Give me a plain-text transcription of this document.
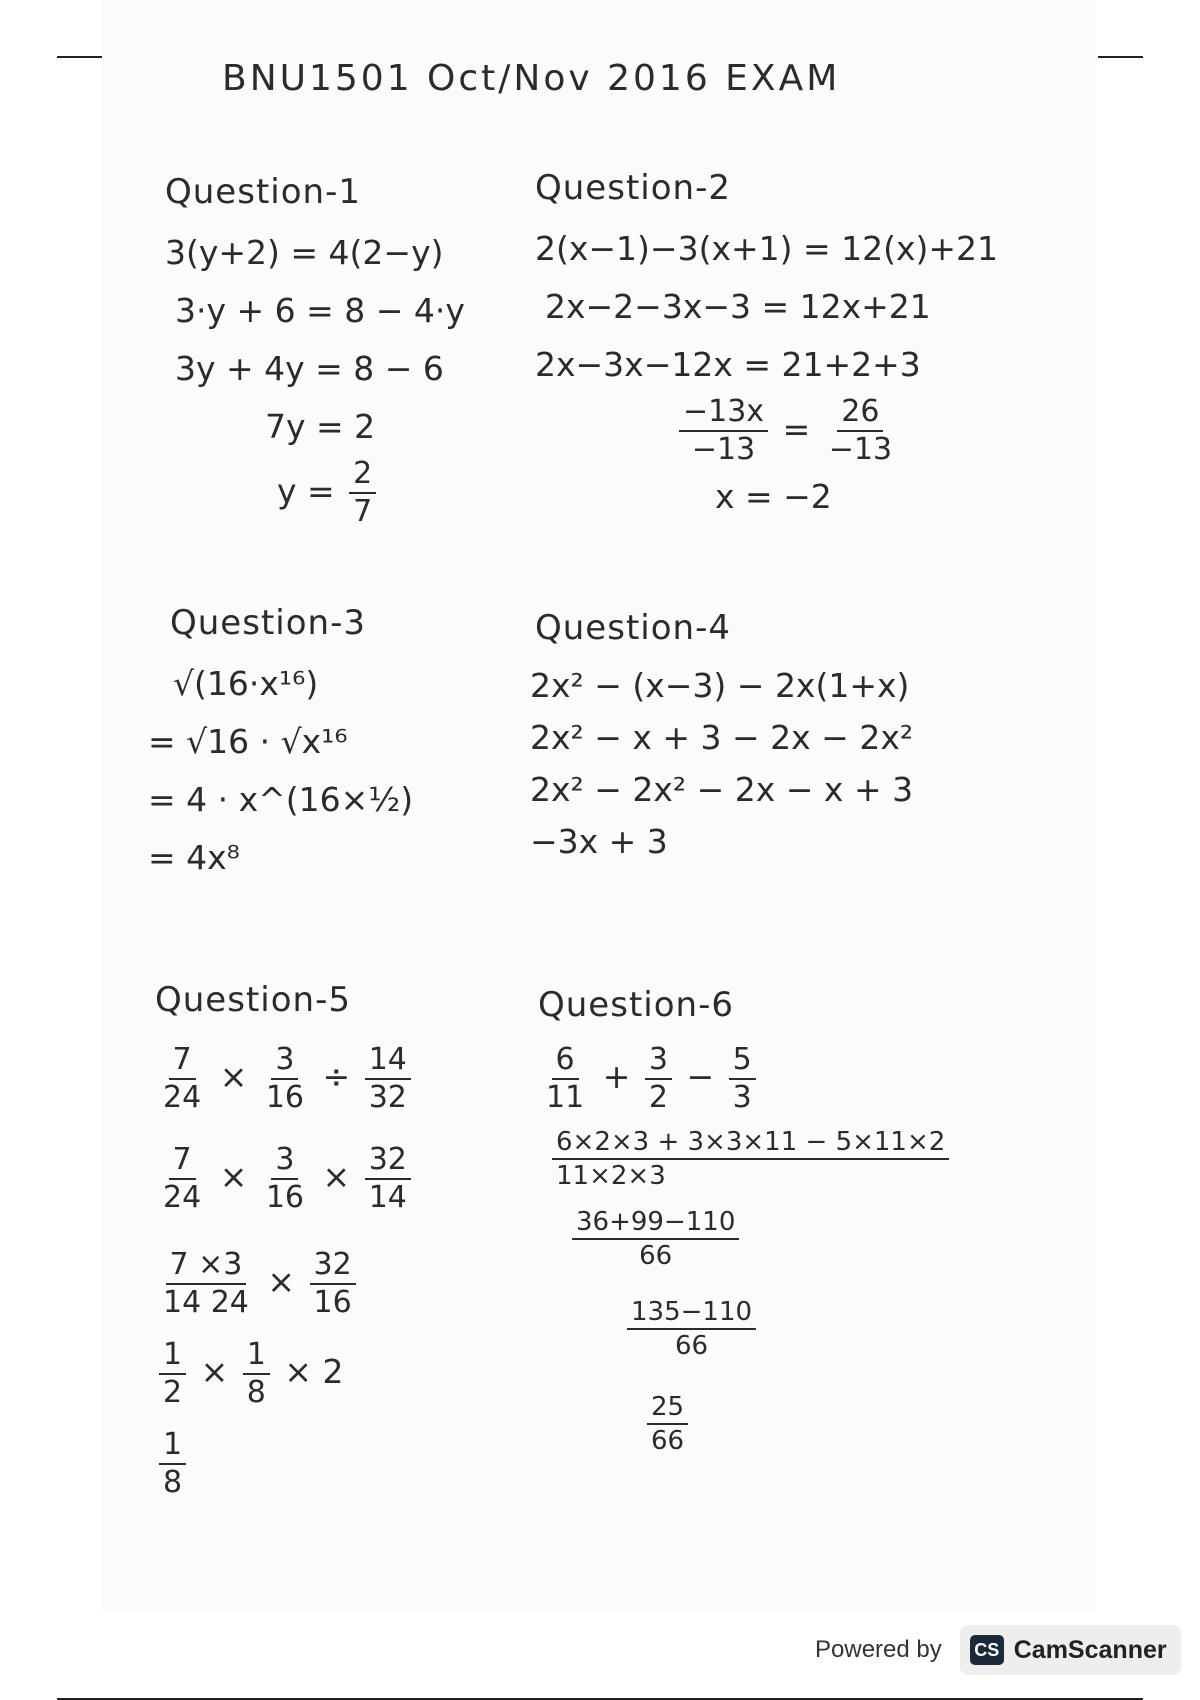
BNU1501 Oct/Nov 2016 EXAM
Question-1
3(y+2) = 4(2−y)
3·y + 6 = 8 − 4·y
3y + 4y = 8 − 6
7y = 2
$y = \frac{2}{7}$
Question-2
2(x−1)−3(x+1) = 12(x)+21
2x−2−3x−3 = 12x+21
2x−3x−12x = 21+2+3
$\frac{-13x}{-13} = \frac{26}{-13}$
x = −2
Question-3
√(16·x¹⁶)
= √16 · √x¹⁶
= 4 · x^(16×½)
= 4x⁸
Question-4
2x² − (x−3) − 2x(1+x)
2x² − x + 3 − 2x − 2x²
2x² − 2x² − 2x − x + 3
−3x + 3
Question-5
$\frac{7}{24} \times \frac{3}{16} \div \frac{14}{32}$
$\frac{7}{24} \times \frac{3}{16} \times \frac{32}{14}$
$\frac{7 \times 3}{14 24} \times \frac{32}{16}$
$\frac{1}{2} \times \frac{1}{8} \times 2$
$\frac{1}{8}$
Question-6
$\frac{6}{11} + \frac{3}{2} - \frac{5}{3}$
$\frac{6\times 2\times 3 + 3\times 3\times 11 - 5\times 11\times 2}{11\times 2\times 3}$
$\frac{36+99-110}{66}$
$\frac{135-110}{66}$
$\frac{25}{66}$
Powered by CS CamScanner
